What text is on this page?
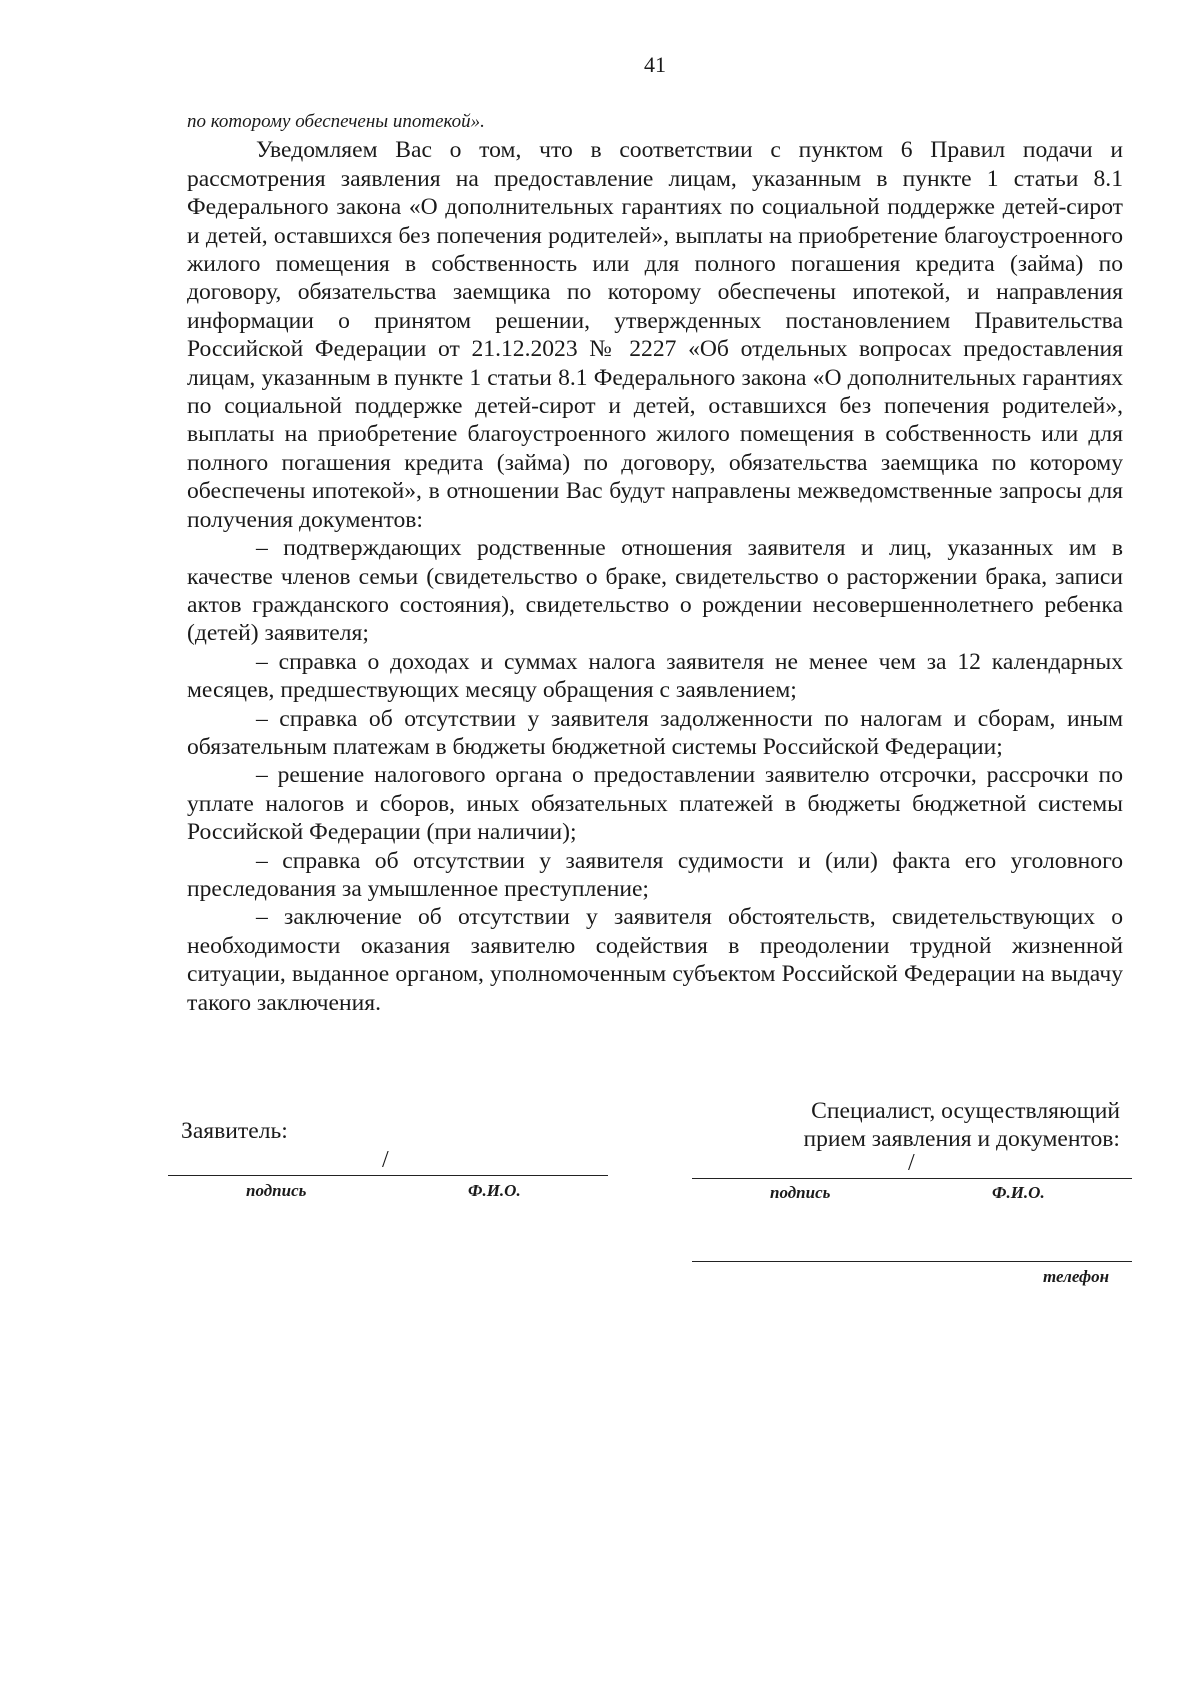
41

по которому обеспечены ипотекой».

Уведомляем Вас о том, что в соответствии с пунктом 6 Правил подачи и рассмотрения заявления на предоставление лицам, указанным в пункте 1 статьи 8.1 Федерального закона «О дополнительных гарантиях по социальной поддержке детей-сирот и детей, оставшихся без попечения родителей», выплаты на приобретение благоустроенного жилого помещения в собственность или для полного погашения кредита (займа) по договору, обязательства заемщика по которому обеспечены ипотекой, и направления информации о принятом решении, утвержденных постановлением Правительства Российской Федерации от 21.12.2023 № 2227 «Об отдельных вопросах предоставления лицам, указанным в пункте 1 статьи 8.1 Федерального закона «О дополнительных гарантиях по социальной поддержке детей-сирот и детей, оставшихся без попечения родителей», выплаты на приобретение благоустроенного жилого помещения в собственность или для полного погашения кредита (займа) по договору, обязательства заемщика по которому обеспечены ипотекой», в отношении Вас будут направлены межведомственные запросы для получения документов:

– подтверждающих родственные отношения заявителя и лиц, указанных им в качестве членов семьи (свидетельство о браке, свидетельство о расторжении брака, записи актов гражданского состояния), свидетельство о рождении несовершеннолетнего ребенка (детей) заявителя;

– справка о доходах и суммах налога заявителя не менее чем за 12 календарных месяцев, предшествующих месяцу обращения с заявлением;

– справка об отсутствии у заявителя задолженности по налогам и сборам, иным обязательным платежам в бюджеты бюджетной системы Российской Федерации;

– решение налогового органа о предоставлении заявителю отсрочки, рассрочки по уплате налогов и сборов, иных обязательных платежей в бюджеты бюджетной системы Российской Федерации (при наличии);

– справка об отсутствии у заявителя судимости и (или) факта его уголовного преследования за умышленное преступление;

– заключение об отсутствии у заявителя обстоятельств, свидетельствующих о необходимости оказания заявителю содействия в преодолении трудной жизненной ситуации, выданное органом, уполномоченным субъектом Российской Федерации на выдачу такого заключения.

Заявитель:
/
подпись	Ф.И.О.
Специалист, осуществляющий
прием заявления и документов:
/
подпись	Ф.И.О.
телефон
